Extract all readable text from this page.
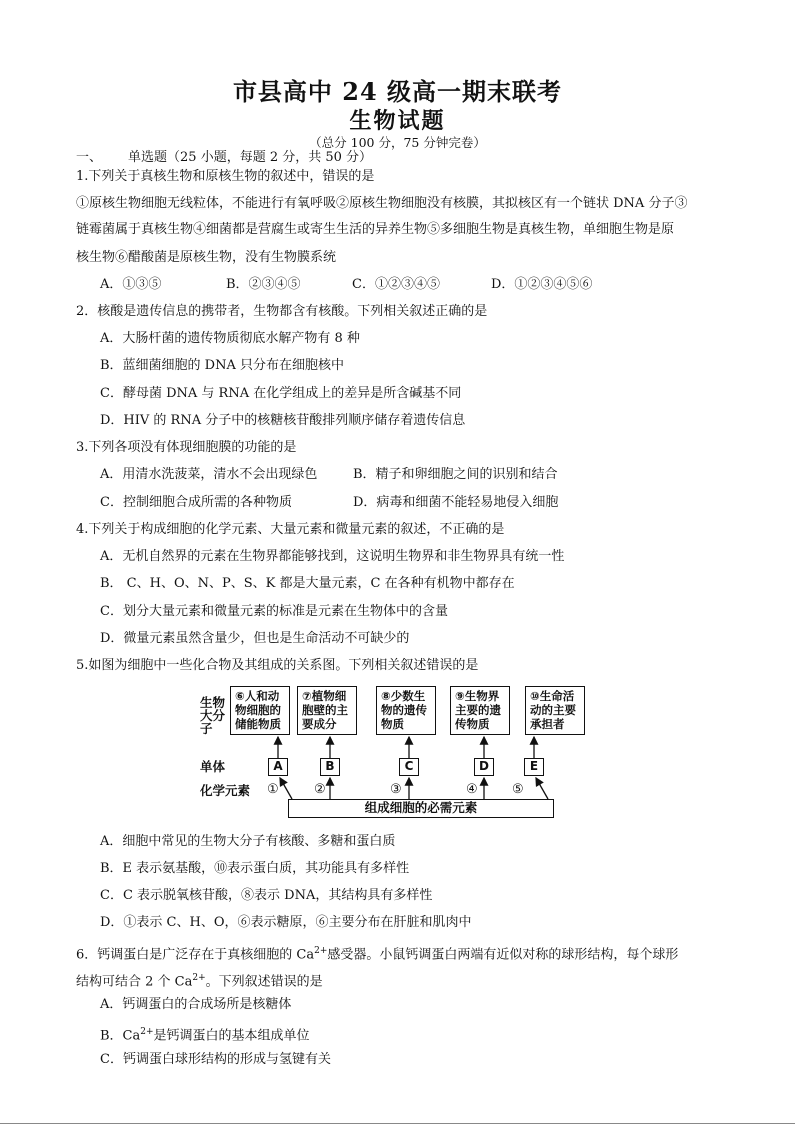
市县高中 24 级高一期末联考
生物试题
（总分 100 分，75 分钟完卷）
一、 单选题（25 小题，每题 2 分，共 50 分）
1.下列关于真核生物和原核生物的叙述中，错误的是
①原核生物细胞无线粒体，不能进行有氧呼吸②原核生物细胞没有核膜，其拟核区有一个链状 DNA 分子③
链霉菌属于真核生物④细菌都是营腐生或寄生生活的异养生物⑤多细胞生物是真核生物，单细胞生物是原
核生物⑥醋酸菌是原核生物，没有生物膜系统
A．①③⑤	B．②③④⑤	C．①②③④⑤	D．①②③④⑤⑥
2．核酸是遗传信息的携带者，生物都含有核酸。下列相关叙述正确的是
A．大肠杆菌的遗传物质彻底水解产物有 8 种
B．蓝细菌细胞的 DNA 只分布在细胞核中
C．酵母菌 DNA 与 RNA 在化学组成上的差异是所含碱基不同
D．HIV 的 RNA 分子中的核糖核苷酸排列顺序储存着遗传信息
3.下列各项没有体现细胞膜的功能的是
A．用清水洗菠菜，清水不会出现绿色	B．精子和卵细胞之间的识别和结合
C．控制细胞合成所需的各种物质	D．病毒和细菌不能轻易地侵入细胞
4.下列关于构成细胞的化学元素、大量元素和微量元素的叙述，不正确的是
A．无机自然界的元素在生物界都能够找到，这说明生物界和非生物界具有统一性
B． C、H、O、N、P、S、K 都是大量元素，C 在各种有机物中都存在
C．划分大量元素和微量元素的标准是元素在生物体中的含量
D．微量元素虽然含量少，但也是生命活动不可缺少的
5.如图为细胞中一些化合物及其组成的关系图。下列相关叙述错误的是
生物
大分
子
单体
化学元素
⑥人和动
物细胞的
储能物质
⑦植物细
胞壁的主
要成分
⑧少数生
物的遗传
物质
⑨生物界
主要的遗
传物质
⑩生命活
动的主要
承担者
A	B	C	D	E
①	②	③	④	⑤
组成细胞的必需元素
A．细胞中常见的生物大分子有核酸、多糖和蛋白质
B．E 表示氨基酸，⑩表示蛋白质，其功能具有多样性
C．C 表示脱氧核苷酸，⑧表示 DNA，其结构具有多样性
D．①表示 C、H、O，⑥表示糖原，⑥主要分布在肝脏和肌肉中
6．钙调蛋白是广泛存在于真核细胞的 $Ca^{2+}$感受器。小鼠钙调蛋白两端有近似对称的球形结构，每个球形
结构可结合 2 个 $Ca^{2+}$。下列叙述错误的是
A．钙调蛋白的合成场所是核糖体
B．$Ca^{2+}$是钙调蛋白的基本组成单位
C．钙调蛋白球形结构的形成与氢键有关
